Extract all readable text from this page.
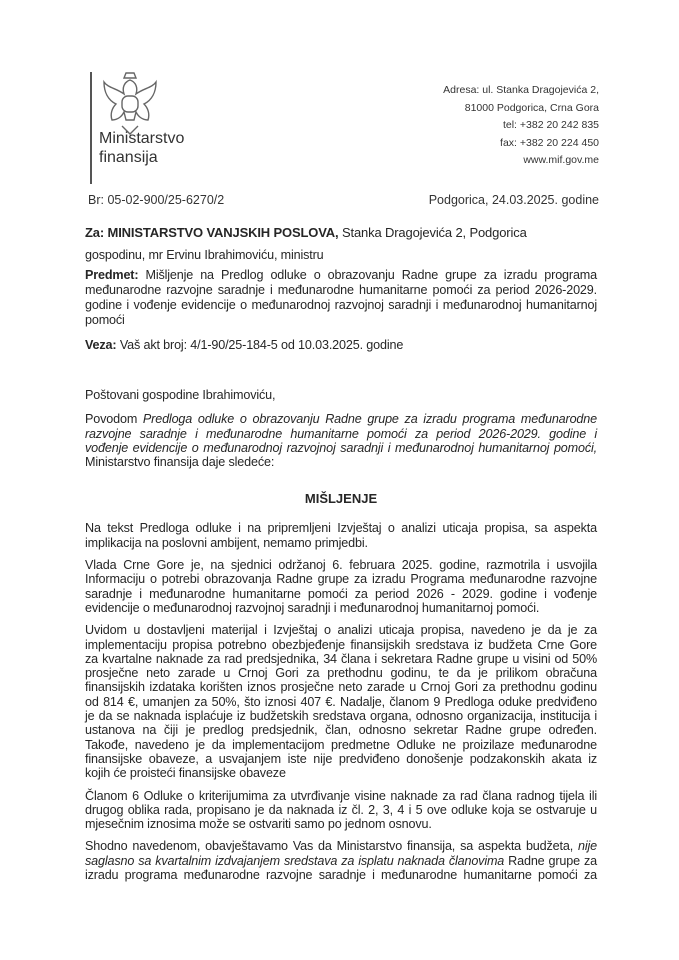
Ministarstvo
finansija
Adresa: ul. Stanka Dragojevića 2,
81000 Podgorica, Crna Gora
tel: +382 20 242 835
fax: +382 20 224 450
www.mif.gov.me
Br: 05-02-900/25-6270/2	Podgorica, 24.03.2025. godine
Za: MINISTARSTVO VANJSKIH POSLOVA, Stanka Dragojevića 2, Podgorica
gospodinu, mr Ervinu Ibrahimoviću, ministru
Predmet: Mišljenje na Predlog odluke o obrazovanju Radne grupe za izradu programa
međunarodne razvojne saradnje i međunarodne humanitarne pomoći za period 2026-2029.
godine i vođenje evidencije o međunarodnoj razvojnoj saradnji i međunarodnoj humanitarnoj
pomoći
Veza: Vaš akt broj: 4/1-90/25-184-5 od 10.03.2025. godine
Poštovani gospodine Ibrahimoviću,
Povodom Predloga odluke o obrazovanju Radne grupe za izradu programa međunarodne
razvojne saradnje i međunarodne humanitarne pomoći za period 2026-2029. godine i
vođenje evidencije o međunarodnoj razvojnoj saradnji i međunarodnoj humanitarnoj pomoći,
Ministarstvo finansija daje sledeće:
MIŠLJENJE
Na tekst Predloga odluke i na pripremljeni Izvještaj o analizi uticaja propisa, sa aspekta
implikacija na poslovni ambijent, nemamo primjedbi.
Vlada Crne Gore je, na sjednici održanoj 6. februara 2025. godine, razmotrila i usvojila
Informaciju o potrebi obrazovanja Radne grupe za izradu Programa međunarodne razvojne
saradnje i međunarodne humanitarne pomoći za period 2026 - 2029. godine i vođenje
evidencije o međunarodnoj razvojnoj saradnji i međunarodnoj humanitarnoj pomoći.
Uvidom u dostavljeni materijal i Izvještaj o analizi uticaja propisa, navedeno je da je za
implementaciju propisa potrebno obezbjeđenje finansijskih sredstava iz budžeta Crne Gore
za kvartalne naknade za rad predsjednika, 34 člana i sekretara Radne grupe u visini od 50%
prosječne neto zarade u Crnoj Gori za prethodnu godinu, te da je prilikom obračuna
finansijskih izdataka korišten iznos prosječne neto zarade u Crnoj Gori za prethodnu godinu
od 814 €, umanjen za 50%, što iznosi 407 €. Nadalje, članom 9 Predloga oduke predviđeno
je da se naknada isplaćuje iz budžetskih sredstava organa, odnosno organizacija, institucija i
ustanova na čiji je predlog predsjednik, član, odnosno sekretar Radne grupe određen.
Takođe, navedeno je da implementacijom predmetne Odluke ne proizilaze međunarodne
finansijske obaveze, a usvajanjem iste nije predviđeno donošenje podzakonskih akata iz
kojih će proisteći finansijske obaveze
Članom 6 Odluke o kriterijumima za utvrđivanje visine naknade za rad člana radnog tijela ili
drugog oblika rada, propisano je da naknada iz čl. 2, 3, 4 i 5 ove odluke koja se ostvaruje u
mjesečnim iznosima može se ostvariti samo po jednom osnovu.
Shodno navedenom, obavještavamo Vas da Ministarstvo finansija, sa aspekta budžeta, nije
saglasno sa kvartalnim izdvajanjem sredstava za isplatu naknada članovima Radne grupe za
izradu programa međunarodne razvojne saradnje i međunarodne humanitarne pomoći za
